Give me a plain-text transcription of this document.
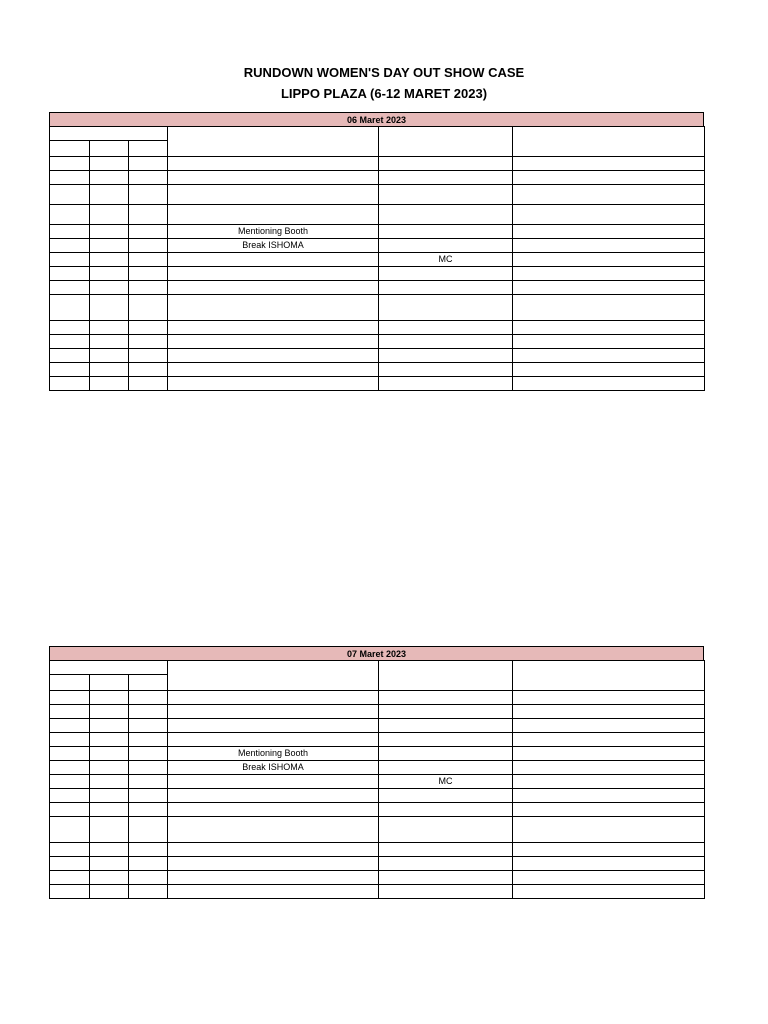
RUNDOWN WOMEN'S DAY OUT SHOW CASE
LIPPO PLAZA (6-12 MARET 2023)
06 Maret 2023

			Mentioning Booth		
			Break ISHOMA		
				MC	

07 Maret 2023

			Mentioning Booth		
			Break ISHOMA		
				MC	
